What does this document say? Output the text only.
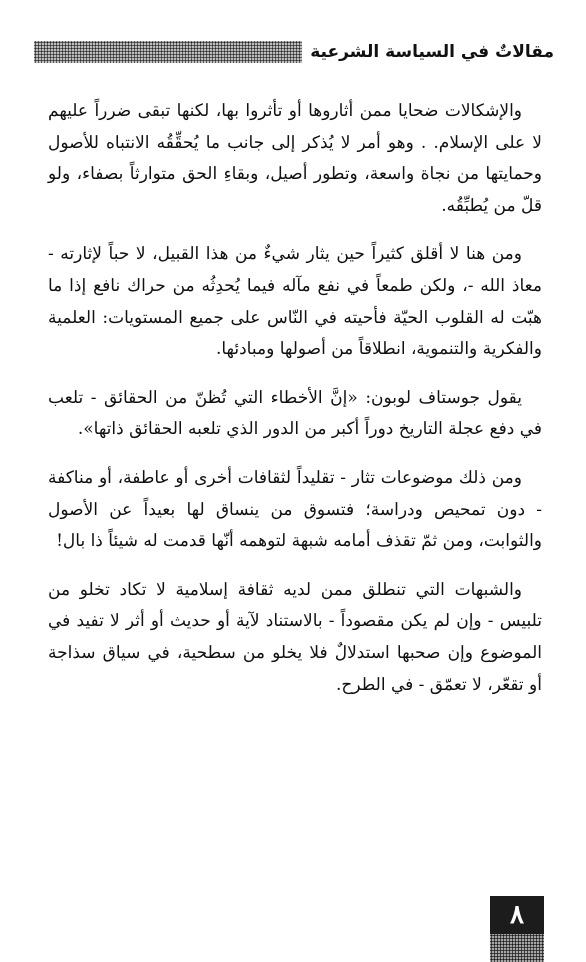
مقالاتٌ في السياسة الشرعية

والإشكالات ضحايا ممن أثاروها أو تأثروا بها، لكنها تبقى ضرراً عليهم لا على الإسلام. . وهو أمر لا يُذكر إلى جانب ما يُحقِّقُه الانتباه للأصول وحمايتها من نجاة واسعة، وتطور أصيل، وبقاءِ الحق متوارثاً بصفاء، ولو قلّ من يُطبِّقُه.

ومن هنا لا أقلق كثيراً حين يثار شيءٌ من هذا القبيل، لا حباً لإثارته - معاذ الله -، ولكن طمعاً في نفع مآله فيما يُحدِثُه من حراك نافع إذا ما هبّت له القلوب الحيّة فأحيته في النّاس على جميع المستويات: العلمية والفكرية والتنموية، انطلاقاً من أصولها ومبادئها.

يقول جوستاف لوبون: «إنَّ الأخطاء التي تُظنّ من الحقائق - تلعب في دفع عجلة التاريخ دوراً أكبر من الدور الذي تلعبه الحقائق ذاتها».

ومن ذلك موضوعات تثار - تقليداً لثقافات أخرى أو عاطفة، أو مناكفة - دون تمحيص ودراسة؛ فتسوق من ينساق لها بعيداً عن الأصول والثوابت، ومن ثمّ تقذف أمامه شبهة لتوهمه أنّها قدمت له شيئاً ذا بال!

والشبهات التي تنطلق ممن لديه ثقافة إسلامية لا تكاد تخلو من تلبيس - وإن لم يكن مقصوداً - بالاستناد لآية أو حديث أو أثر لا تفيد في الموضوع وإن صحبها استدلالٌ فلا يخلو من سطحية، في سياق سذاجة أو تقعّر، لا تعمّق - في الطرح.

٨
